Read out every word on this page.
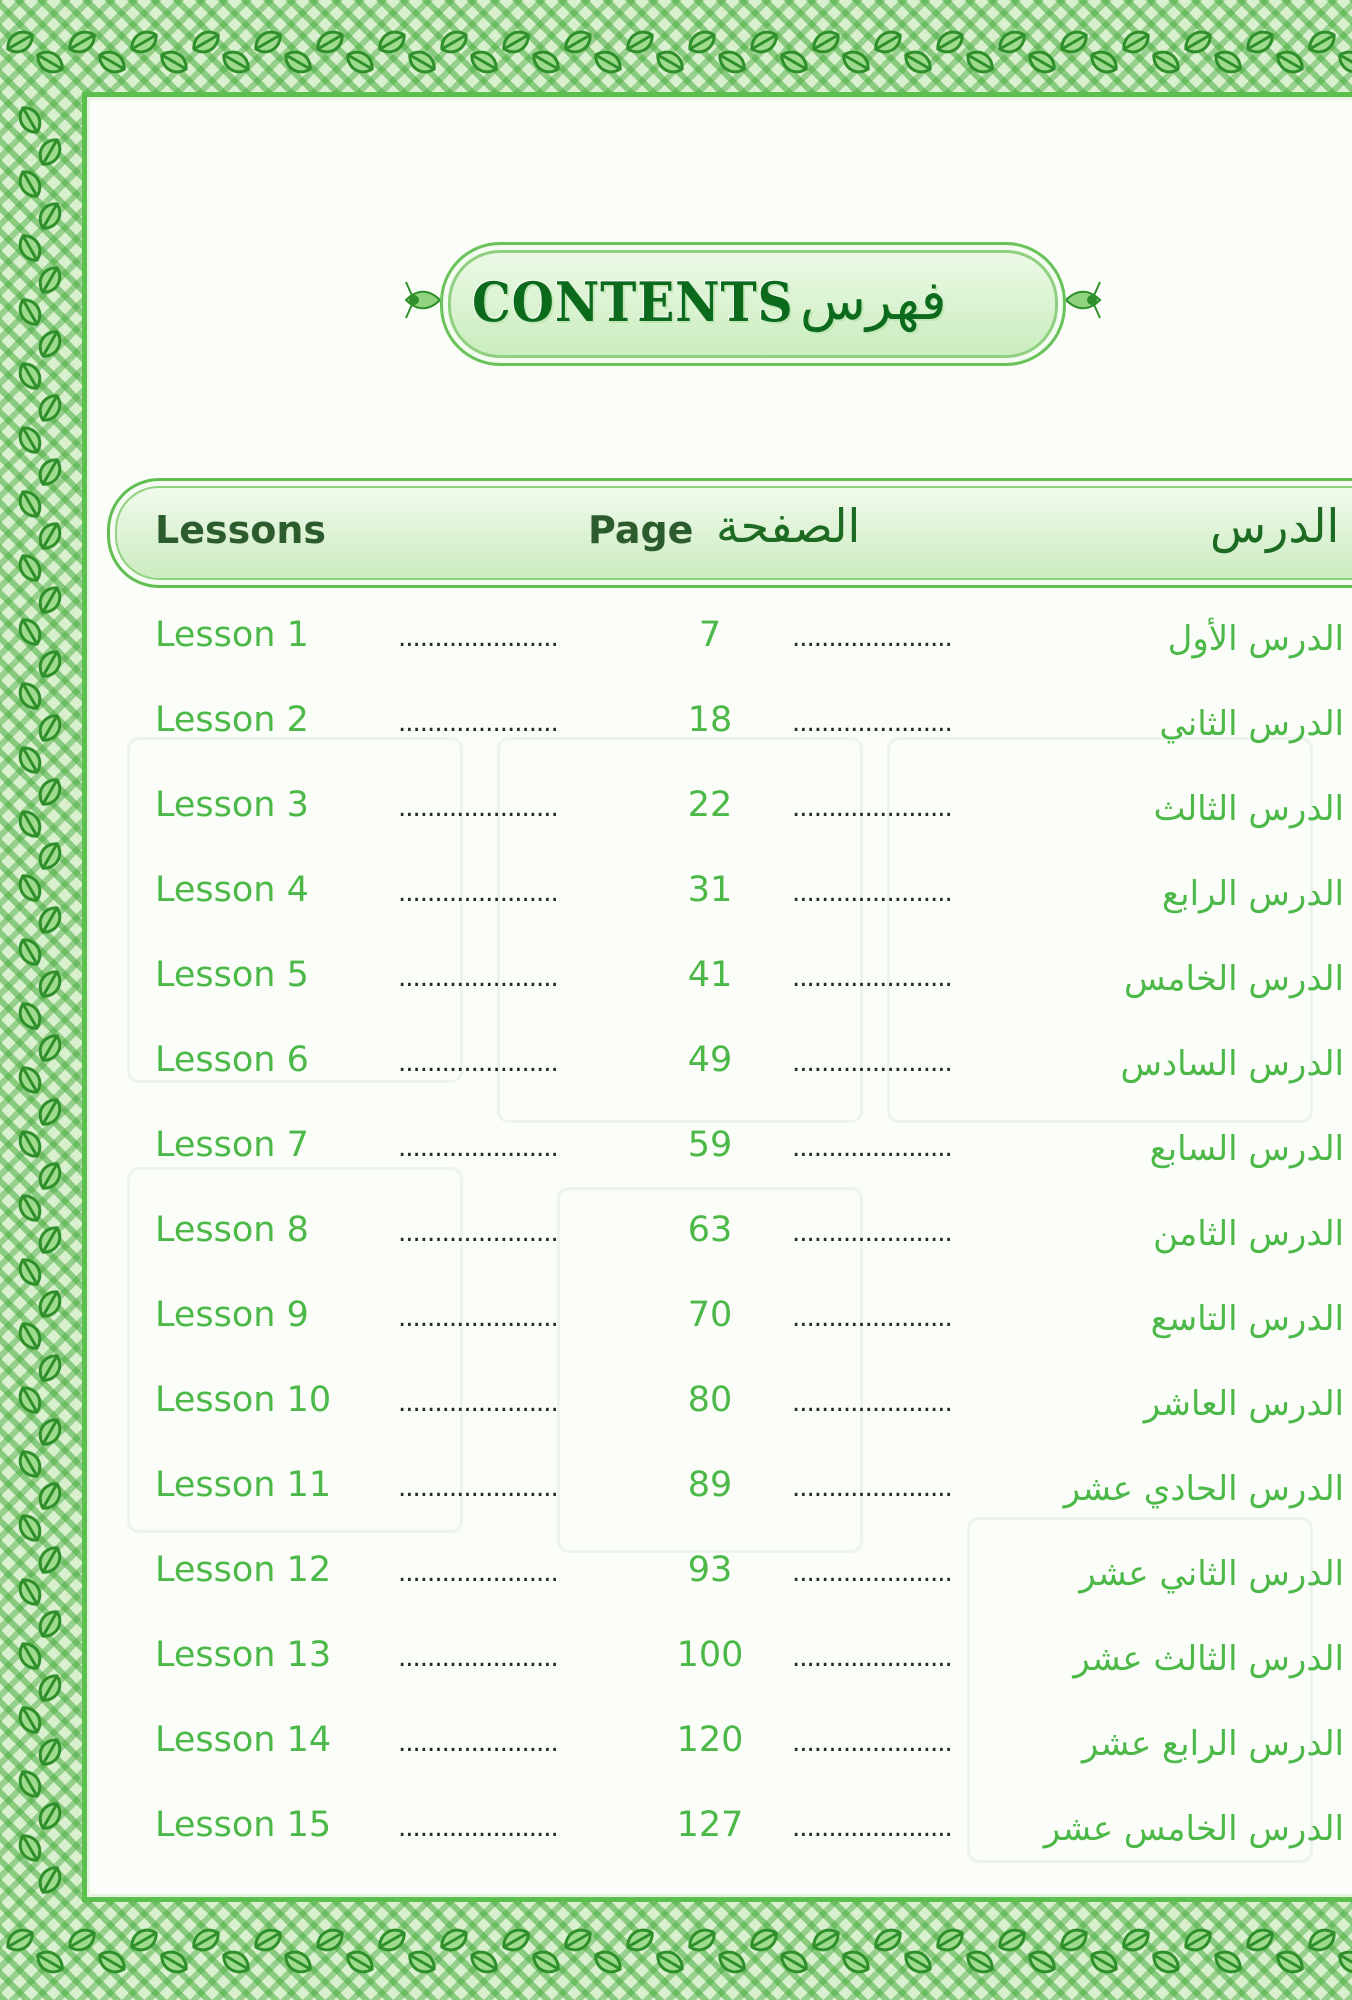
CONTENTS فهرس
Lessons	Page الصفحة	الدرس
Lesson 1	......................	7	......................	الدرس الأول
Lesson 2	......................	18	......................	الدرس الثاني
Lesson 3	......................	22	......................	الدرس الثالث
Lesson 4	......................	31	......................	الدرس الرابع
Lesson 5	......................	41	......................	الدرس الخامس
Lesson 6	......................	49	......................	الدرس السادس
Lesson 7	......................	59	......................	الدرس السابع
Lesson 8	......................	63	......................	الدرس الثامن
Lesson 9	......................	70	......................	الدرس التاسع
Lesson 10	......................	80	......................	الدرس العاشر
Lesson 11	......................	89	......................	الدرس الحادي عشر
Lesson 12	......................	93	......................	الدرس الثاني عشر
Lesson 13	......................	100	......................	الدرس الثالث عشر
Lesson 14	......................	120	......................	الدرس الرابع عشر
Lesson 15	......................	127	......................	الدرس الخامس عشر
